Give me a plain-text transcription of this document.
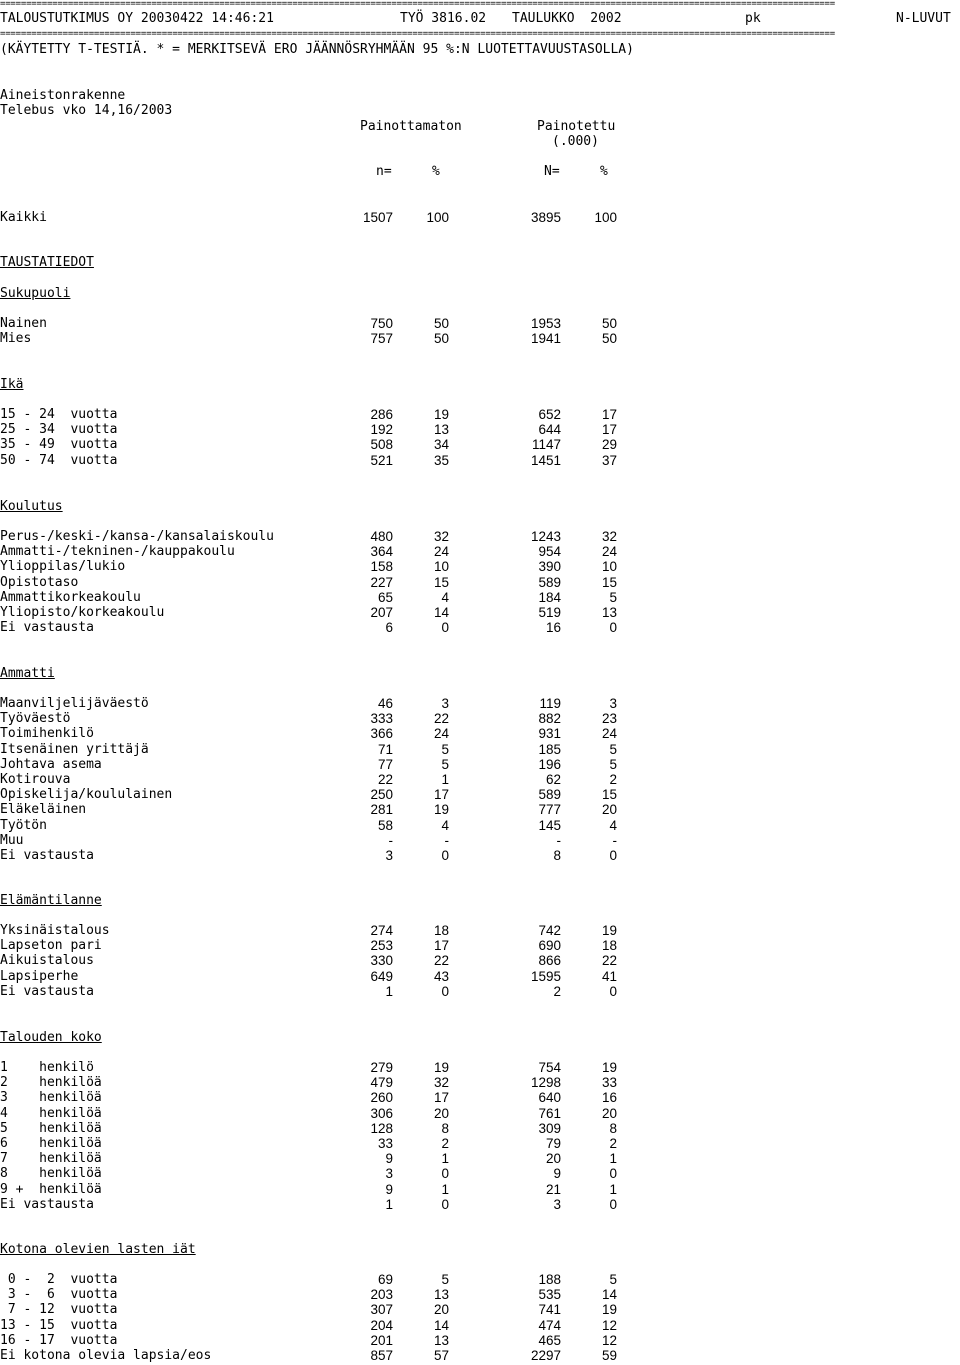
================================================================================================================================================================
TALOUSTUTKIMUS OY 20030422 14:46:21	TYÖ 3816.02 TAULUKKO  2002	pk	N-LUVUT
================================================================================================================================================================
(KÄYTETTY T-TESTIÄ. * = MERKITSEVÄ ERO JÄÄNNÖSRYHMÄÄN 95 %:N LUOTETTAVUUSTASOLLA)
Aineistonrakenne
Telebus vko 14,16/2003
Painottamaton	Painotettu
(.000)
n=	%	N=	%
Kaikki	1507	100	3895	100
TAUSTATIEDOT
Sukupuoli
Nainen	750	50	1953	50
Mies	757	50	1941	50
Ikä
15 - 24  vuotta	286	19	652	17
25 - 34  vuotta	192	13	644	17
35 - 49  vuotta	508	34	1147	29
50 - 74  vuotta	521	35	1451	37
Koulutus
Perus-/keski-/kansa-/kansalaiskoulu	480	32	1243	32
Ammatti-/tekninen-/kauppakoulu	364	24	954	24
Ylioppilas/lukio	158	10	390	10
Opistotaso	227	15	589	15
Ammattikorkeakoulu	65	4	184	5
Yliopisto/korkeakoulu	207	14	519	13
Ei vastausta	6	0	16	0
Ammatti
Maanviljelijäväestö	46	3	119	3
Työväestö	333	22	882	23
Toimihenkilö	366	24	931	24
Itsenäinen yrittäjä	71	5	185	5
Johtava asema	77	5	196	5
Kotirouva	22	1	62	2
Opiskelija/koululainen	250	17	589	15
Eläkeläinen	281	19	777	20
Työtön	58	4	145	4
Muu	-	-	-	-
Ei vastausta	3	0	8	0
Elämäntilanne
Yksinäistalous	274	18	742	19
Lapseton pari	253	17	690	18
Aikuistalous	330	22	866	22
Lapsiperhe	649	43	1595	41
Ei vastausta	1	0	2	0
Talouden koko
1    henkilö	279	19	754	19
2    henkilöä	479	32	1298	33
3    henkilöä	260	17	640	16
4    henkilöä	306	20	761	20
5    henkilöä	128	8	309	8
6    henkilöä	33	2	79	2
7    henkilöä	9	1	20	1
8    henkilöä	3	0	9	0
9 +  henkilöä	9	1	21	1
Ei vastausta	1	0	3	0
Kotona olevien lasten iät
0 -  2  vuotta	69	5	188	5
3 -  6  vuotta	203	13	535	14
7 - 12  vuotta	307	20	741	19
13 - 15  vuotta	204	14	474	12
16 - 17  vuotta	201	13	465	12
Ei kotona olevia lapsia/eos	857	57	2297	59
